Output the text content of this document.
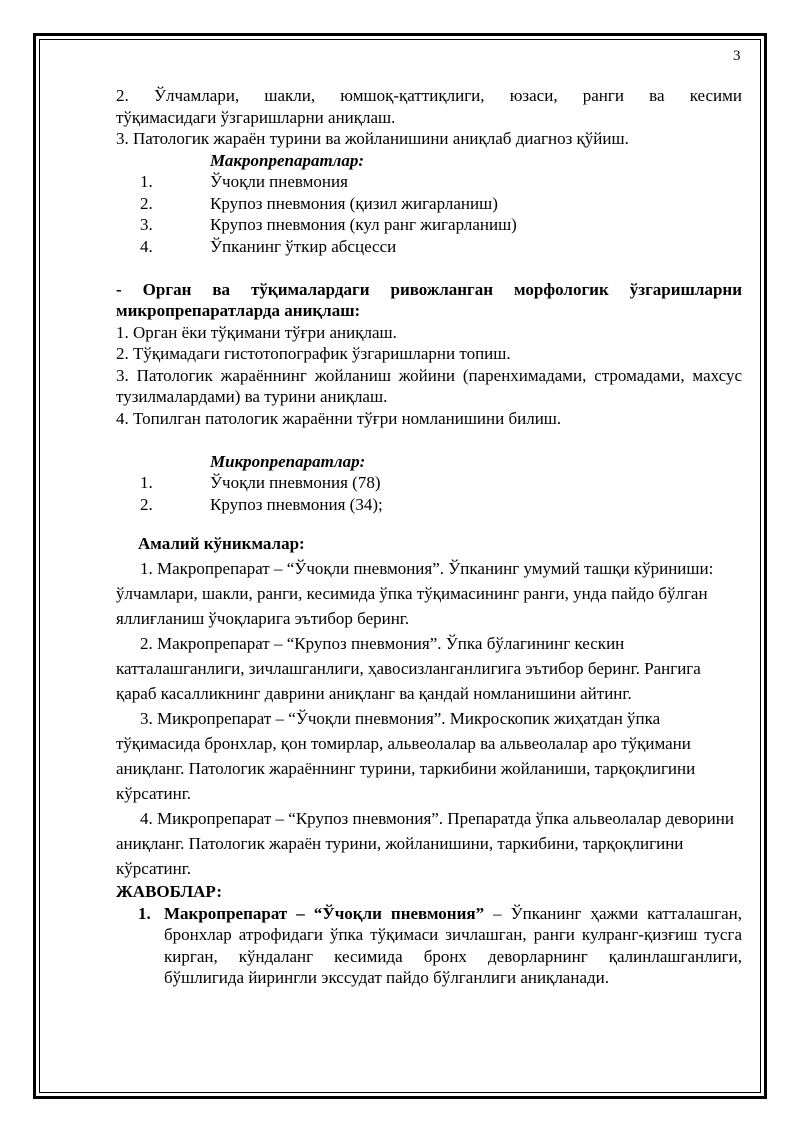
3

2. Ўлчамлари, шакли, юмшоқ-қаттиқлиги, юзаси, ранги ва кесими

тўқимасидаги ўзгаришларни аниқлаш.

3. Патологик жараён турини ва жойланишини аниқлаб диагноз қўйиш.

Макропрепаратлар:

1.	Ўчоқли пневмония
2.	Крупоз пневмония (қизил жигарланиш)
3.	Крупоз пневмония (кул ранг жигарланиш)
4.	Ўпканинг ўткир абсцесси

- Орган ва тўқималардаги ривожланган морфологик ўзгаришларни

микропрепаратларда аниқлаш:

1. Орган ёки тўқимани тўғри аниқлаш.

2. Тўқимадаги гистотопографик ўзгаришларни топиш.

3. Патологик жараённинг жойланиш жойини (паренхимадами, стромадами, махсус тузилмалардами) ва турини аниқлаш.

4. Топилган патологик жараённи тўғри номланишини билиш.

Микропрепаратлар:

1.	Ўчоқли пневмония (78)
2.	Крупоз пневмония (34);

Амалий кўникмалар:

1. Макропрепарат – “Ўчоқли пневмония”. Ўпканинг умумий ташқи кўриниши: ўлчамлари, шакли, ранги, кесимида ўпка тўқимасининг ранги, унда пайдо бўлган яллиғланиш ўчоқларига эътибор беринг.

2. Макропрепарат – “Крупоз пневмония”. Ўпка бўлагининг кескин катталашганлиги, зичлашганлиги, ҳавосизланганлигига эътибор беринг. Рангига қараб касалликнинг даврини аниқланг ва қандай номланишини айтинг.

3. Микропрепарат – “Ўчоқли пневмония”. Микроскопик жиҳатдан ўпка тўқимасида бронхлар, қон томирлар, альвеолалар ва альвеолалар аро тўқимани аниқланг. Патологик жараённинг турини, таркибини жойланиши, тарқоқлигини кўрсатинг.

4. Микропрепарат – “Крупоз пневмония”. Препаратда ўпка альвеолалар деворини аниқланг. Патологик жараён турини, жойланишини, таркибини, тарқоқлигини кўрсатинг.

ЖАВОБЛАР:

1. Макропрепарат – “Ўчоқли пневмония” – Ўпканинг ҳажми катталашган, бронхлар атрофидаги ўпка тўқимаси зичлашган, ранги кулранг-қизғиш тусга кирган, кўндаланг кесимида бронх деворларнинг қалинлашганлиги, бўшлигида йирингли экссудат пайдо бўлганлиги аниқланади.
